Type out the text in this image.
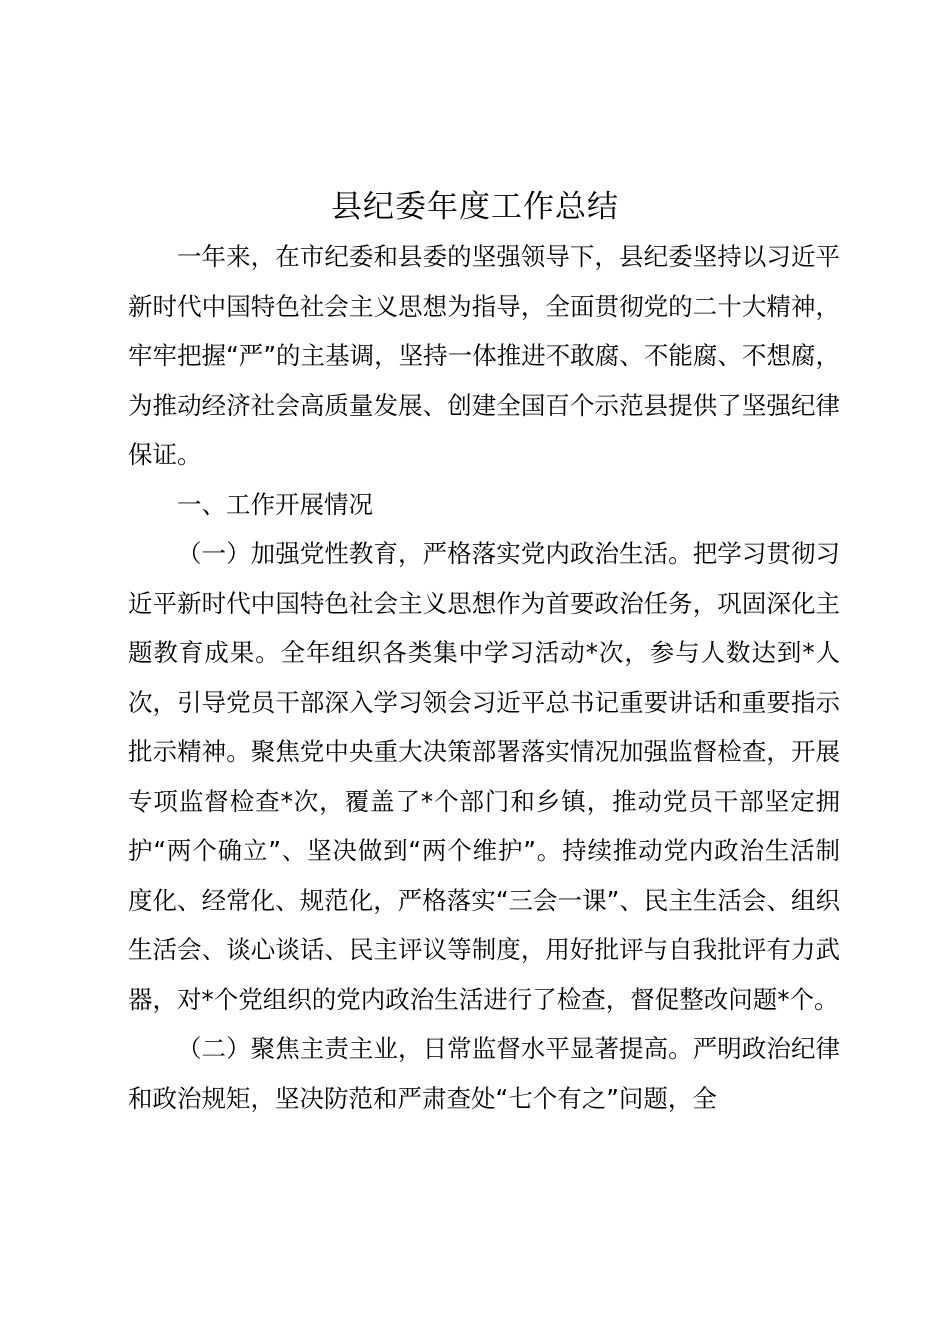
县纪委年度工作总结

一年来，在市纪委和县委的坚强领导下，县纪委坚持以习近平新时代中国特色社会主义思想为指导，全面贯彻党的二十大精神，牢牢把握“严”的主基调，坚持一体推进不敢腐、不能腐、不想腐，为推动经济社会高质量发展、创建全国百个示范县提供了坚强纪律保证。

一、工作开展情况

（一）加强党性教育，严格落实党内政治生活。把学习贯彻习近平新时代中国特色社会主义思想作为首要政治任务，巩固深化主题教育成果。全年组织各类集中学习活动*次，参与人数达到*人次，引导党员干部深入学习领会习近平总书记重要讲话和重要指示批示精神。聚焦党中央重大决策部署落实情况加强监督检查，开展专项监督检查*次，覆盖了*个部门和乡镇，推动党员干部坚定拥护“两个确立”、坚决做到“两个维护”。持续推动党内政治生活制度化、经常化、规范化，严格落实“三会一课”、民主生活会、组织生活会、谈心谈话、民主评议等制度，用好批评与自我批评有力武器，对*个党组织的党内政治生活进行了检查，督促整改问题*个。

（二）聚焦主责主业，日常监督水平显著提高。严明政治纪律和政治规矩，坚决防范和严肃查处“七个有之”问题，全
